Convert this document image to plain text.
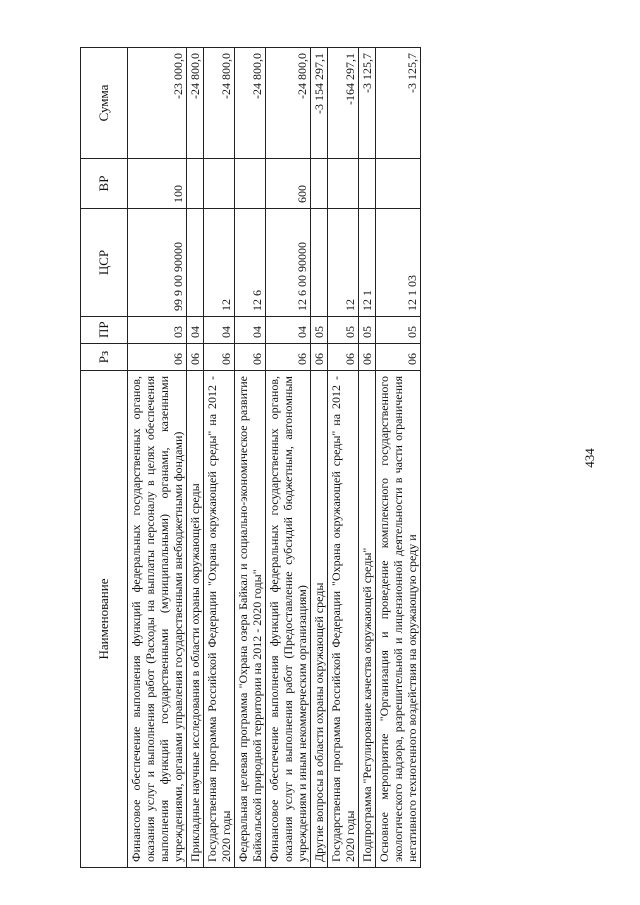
Наименование	Рз	ПР	ЦСР	ВР	Сумма
Финансовое обеспечение выполнения функций федеральных государственных органов, оказания услуг и выполнения работ (Расходы на выплаты персоналу в целях обеспечения выполнения функций государственными (муниципальными) органами, казенными учреждениями, органами управления государственными внебюджетными фондами)	06	03	99 9 00 90000	100	-23 000,0
Прикладные научные исследования в области охраны окружающей среды	06	04			-24 800,0
Государственная программа Российской Федерации "Охрана окружающей среды" на 2012 - 2020 годы	06	04	12		-24 800,0
Федеральная целевая программа "Охрана озера Байкал и социально-экономическое развитие Байкальской природной территории на 2012 - 2020 годы"	06	04	12 6		-24 800,0
Финансовое обеспечение выполнения функций федеральных государственных органов, оказания услуг и выполнения работ (Предоставление субсидий бюджетным, автономным учреждениям и иным некоммерческим организациям)	06	04	12 6 00 90000	600	-24 800,0
Другие вопросы в области охраны окружающей среды	06	05			-3 154 297,1
Государственная программа Российской Федерации "Охрана окружающей среды" на 2012 - 2020 годы	06	05	12		-164 297,1
Подпрограмма "Регулирование качества окружающей среды"	06	05	12 1		-3 125,7
Основное мероприятие "Организация и проведение комплексного государственного экологического надзора, разрешительной и лицензионной деятельности в части ограничения негативного техногенного воздействия на окружающую среду и	06	05	12 1 03		-3 125,7
434
